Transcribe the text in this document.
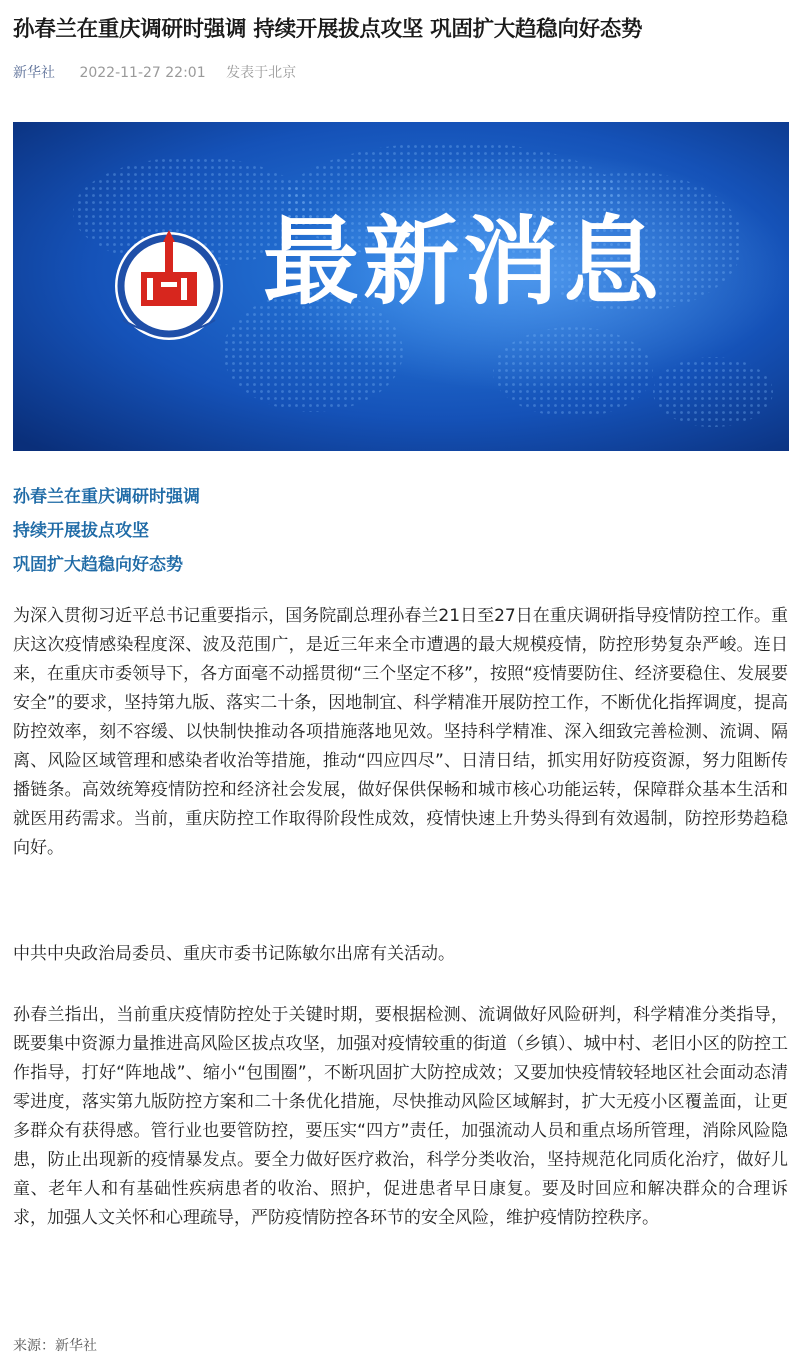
孙春兰在重庆调研时强调 持续开展拔点攻坚 巩固扩大趋稳向好态势
新华社 2022-11-27 22:01 发表于北京
最新消息
孙春兰在重庆调研时强调
持续开展拔点攻坚
巩固扩大趋稳向好态势

为深入贯彻习近平总书记重要指示，国务院副总理孙春兰21日至27日在重庆调研指导疫情防控工作。重庆这次疫情感染程度深、波及范围广，是近三年来全市遭遇的最大规模疫情，防控形势复杂严峻。连日来，在重庆市委领导下，各方面毫不动摇贯彻“三个坚定不移”，按照“疫情要防住、经济要稳住、发展要安全”的要求，坚持第九版、落实二十条，因地制宜、科学精准开展防控工作，不断优化指挥调度，提高防控效率，刻不容缓、以快制快推动各项措施落地见效。坚持科学精准、深入细致完善检测、流调、隔离、风险区域管理和感染者收治等措施，推动“四应四尽”、日清日结，抓实用好防疫资源，努力阻断传播链条。高效统筹疫情防控和经济社会发展，做好保供保畅和城市核心功能运转，保障群众基本生活和就医用药需求。当前，重庆防控工作取得阶段性成效，疫情快速上升势头得到有效遏制，防控形势趋稳向好。

中共中央政治局委员、重庆市委书记陈敏尔出席有关活动。

孙春兰指出，当前重庆疫情防控处于关键时期，要根据检测、流调做好风险研判，科学精准分类指导，既要集中资源力量推进高风险区拔点攻坚，加强对疫情较重的街道（乡镇）、城中村、老旧小区的防控工作指导，打好“阵地战”、缩小“包围圈”，不断巩固扩大防控成效；又要加快疫情较轻地区社会面动态清零进度，落实第九版防控方案和二十条优化措施，尽快推动风险区域解封，扩大无疫小区覆盖面，让更多群众有获得感。管行业也要管防控，要压实“四方”责任，加强流动人员和重点场所管理，消除风险隐患，防止出现新的疫情暴发点。要全力做好医疗救治，科学分类收治，坚持规范化同质化治疗，做好儿童、老年人和有基础性疾病患者的收治、照护，促进患者早日康复。要及时回应和解决群众的合理诉求，加强人文关怀和心理疏导，严防疫情防控各环节的安全风险，维护疫情防控秩序。

来源：新华社
